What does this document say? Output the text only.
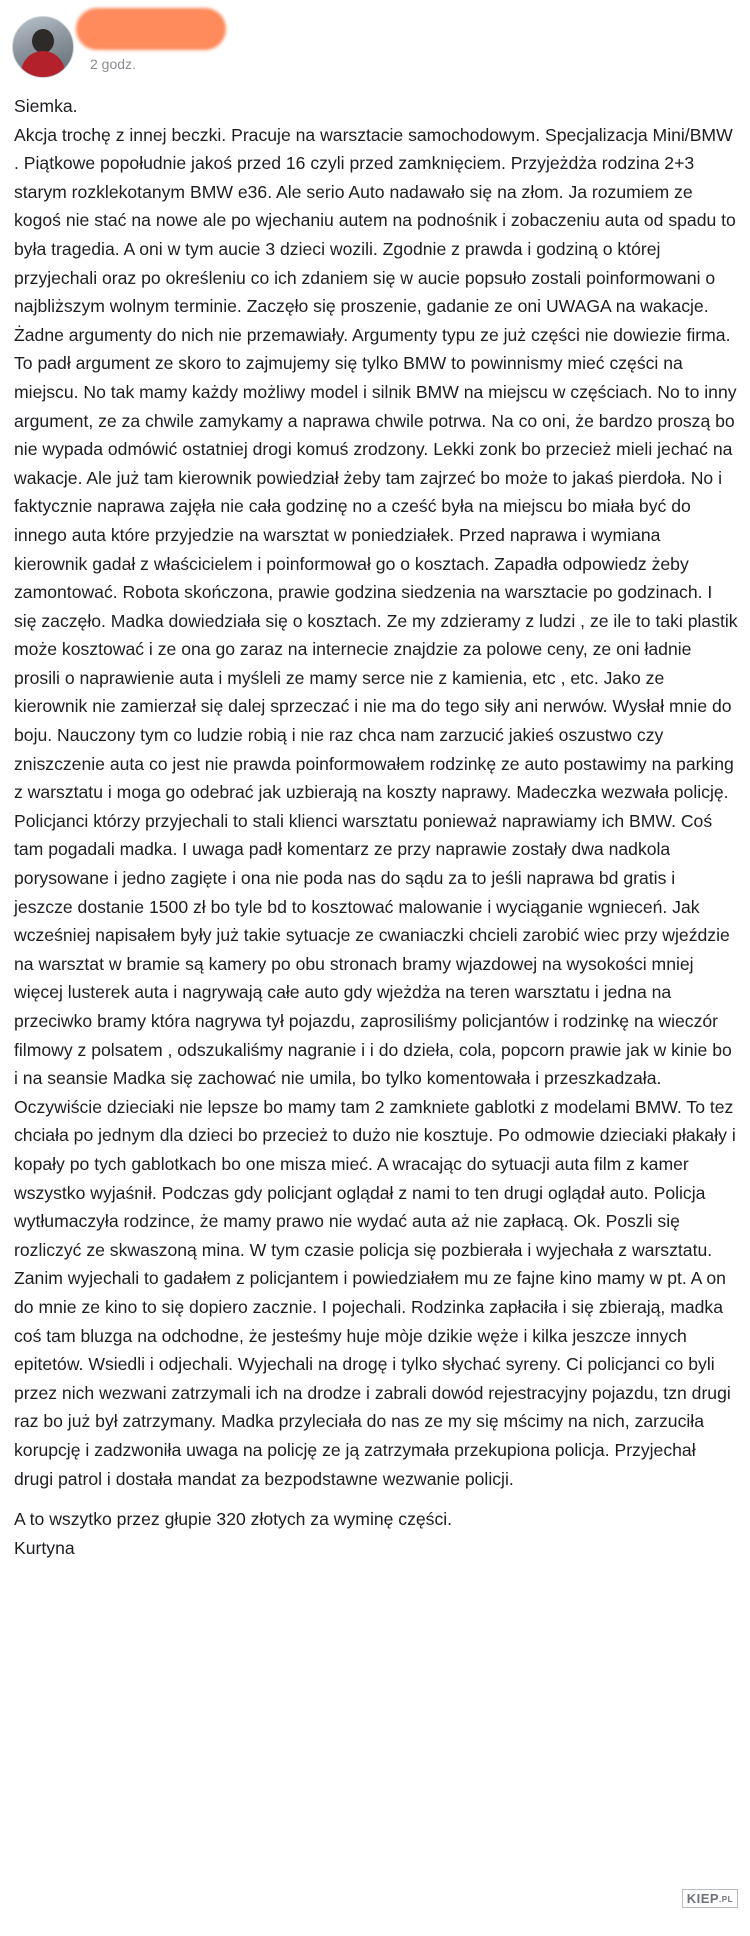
2 godz.

Siemka.

Akcja trochę z innej beczki. Pracuje na warsztacie samochodowym. Specjalizacja Mini/BMW . Piątkowe popołudnie jakoś przed 16 czyli przed zamknięciem. Przyjeżdża rodzina 2+3 starym rozklekotanym BMW e36. Ale serio Auto nadawało się na złom. Ja rozumiem ze kogoś nie stać na nowe ale po wjechaniu autem na podnośnik i zobaczeniu auta od spadu to była tragedia. A oni w tym aucie 3 dzieci wozili. Zgodnie z prawda i godziną o której przyjechali oraz po określeniu co ich zdaniem się w aucie popsuło zostali poinformowani o najbliższym wolnym terminie. Zaczęło się proszenie, gadanie ze oni UWAGA na wakacje. Żadne argumenty do nich nie przemawiały. Argumenty typu ze już części nie dowiezie firma. To padł argument ze skoro to zajmujemy się tylko BMW to powinnismy mieć części na miejscu. No tak mamy każdy możliwy model i silnik BMW na miejscu w częściach. No to inny argument, ze za chwile zamykamy a naprawa chwile potrwa. Na co oni, że bardzo proszą bo nie wypada odmówić ostatniej drogi komuś zrodzony. Lekki zonk bo przecież mieli jechać na wakacje. Ale już tam kierownik powiedział żeby tam zajrzeć bo może to jakaś pierdoła. No i faktycznie naprawa zajęła nie cała godzinę no a cześć była na miejscu bo miała być do innego auta które przyjedzie na warsztat w poniedziałek. Przed naprawa i wymiana kierownik gadał z właścicielem i poinformował go o kosztach. Zapadła odpowiedz żeby zamontować. Robota skończona, prawie godzina siedzenia na warsztacie po godzinach. I się zaczęło. Madka dowiedziała się o kosztach. Ze my zdzieramy z ludzi , ze ile to taki plastik może kosztować i ze ona go zaraz na internecie znajdzie za polowe ceny, ze oni ładnie prosili o naprawienie auta i myśleli ze mamy serce nie z kamienia, etc , etc. Jako ze kierownik nie zamierzał się dalej sprzeczać i nie ma do tego siły ani nerwów. Wysłał mnie do boju. Nauczony tym co ludzie robią i nie raz chca nam zarzucić jakieś oszustwo czy zniszczenie auta co jest nie prawda poinformowałem rodzinkę ze auto postawimy na parking z warsztatu i moga go odebrać jak uzbierają na koszty naprawy. Madeczka wezwała policję. Policjanci którzy przyjechali to stali klienci warsztatu ponieważ naprawiamy ich BMW. Coś tam pogadali madka. I uwaga padł komentarz ze przy naprawie zostały dwa nadkola porysowane i jedno zagięte i ona nie poda nas do sądu za to jeśli naprawa bd gratis i jeszcze dostanie 1500 zł bo tyle bd to kosztować malowanie i wyciąganie wgnieceń. Jak wcześniej napisałem były już takie sytuacje ze cwaniaczki chcieli zarobić wiec przy wjeździe na warsztat w bramie są kamery po obu stronach bramy wjazdowej na wysokości mniej więcej lusterek auta i nagrywają całe auto gdy wjeżdża na teren warsztatu i jedna na przeciwko bramy która nagrywa tył pojazdu, zaprosiliśmy policjantów i rodzinkę na wieczór filmowy z polsatem , odszukaliśmy nagranie i i do dzieła, cola, popcorn prawie jak w kinie bo i na seansie Madka się zachować nie umila, bo tylko komentowała i przeszkadzała. Oczywiście dzieciaki nie lepsze bo mamy tam 2 zamkniete gablotki z modelami BMW. To tez chciała po jednym dla dzieci bo przecież to dużo nie kosztuje. Po odmowie dzieciaki płakały i kopały po tych gablotkach bo one misza mieć. A wracając do sytuacji auta film z kamer wszystko wyjaśnił. Podczas gdy policjant oglądał z nami to ten drugi oglądał auto. Policja wytłumaczyła rodzince, że mamy prawo nie wydać auta aż nie zapłacą. Ok. Poszli się rozliczyć ze skwaszoną mina. W tym czasie policja się pozbierała i wyjechała z warsztatu. Zanim wyjechali to gadałem z policjantem i powiedziałem mu ze fajne kino mamy w pt. A on do mnie ze kino to się dopiero zacznie. I pojechali. Rodzinka zapłaciła i się zbierają, madka coś tam bluzga na odchodne, że jesteśmy huje mòje dzikie węże i kilka jeszcze innych epitetów. Wsiedli i odjechali. Wyjechali na drogę i tylko słychać syreny. Ci policjanci co byli przez nich wezwani zatrzymali ich na drodze i zabrali dowód rejestracyjny pojazdu, tzn drugi raz bo już był zatrzymany. Madka przyleciała do nas ze my się mścimy na nich, zarzuciła korupcję i zadzwoniła uwaga na policję ze ją zatrzymała przekupiona policja. Przyjechał drugi patrol i dostała mandat za bezpodstawne wezwanie policji.

A to wszytko przez głupie 320 złotych za wyminę części.

Kurtyna

KIEP.PL
